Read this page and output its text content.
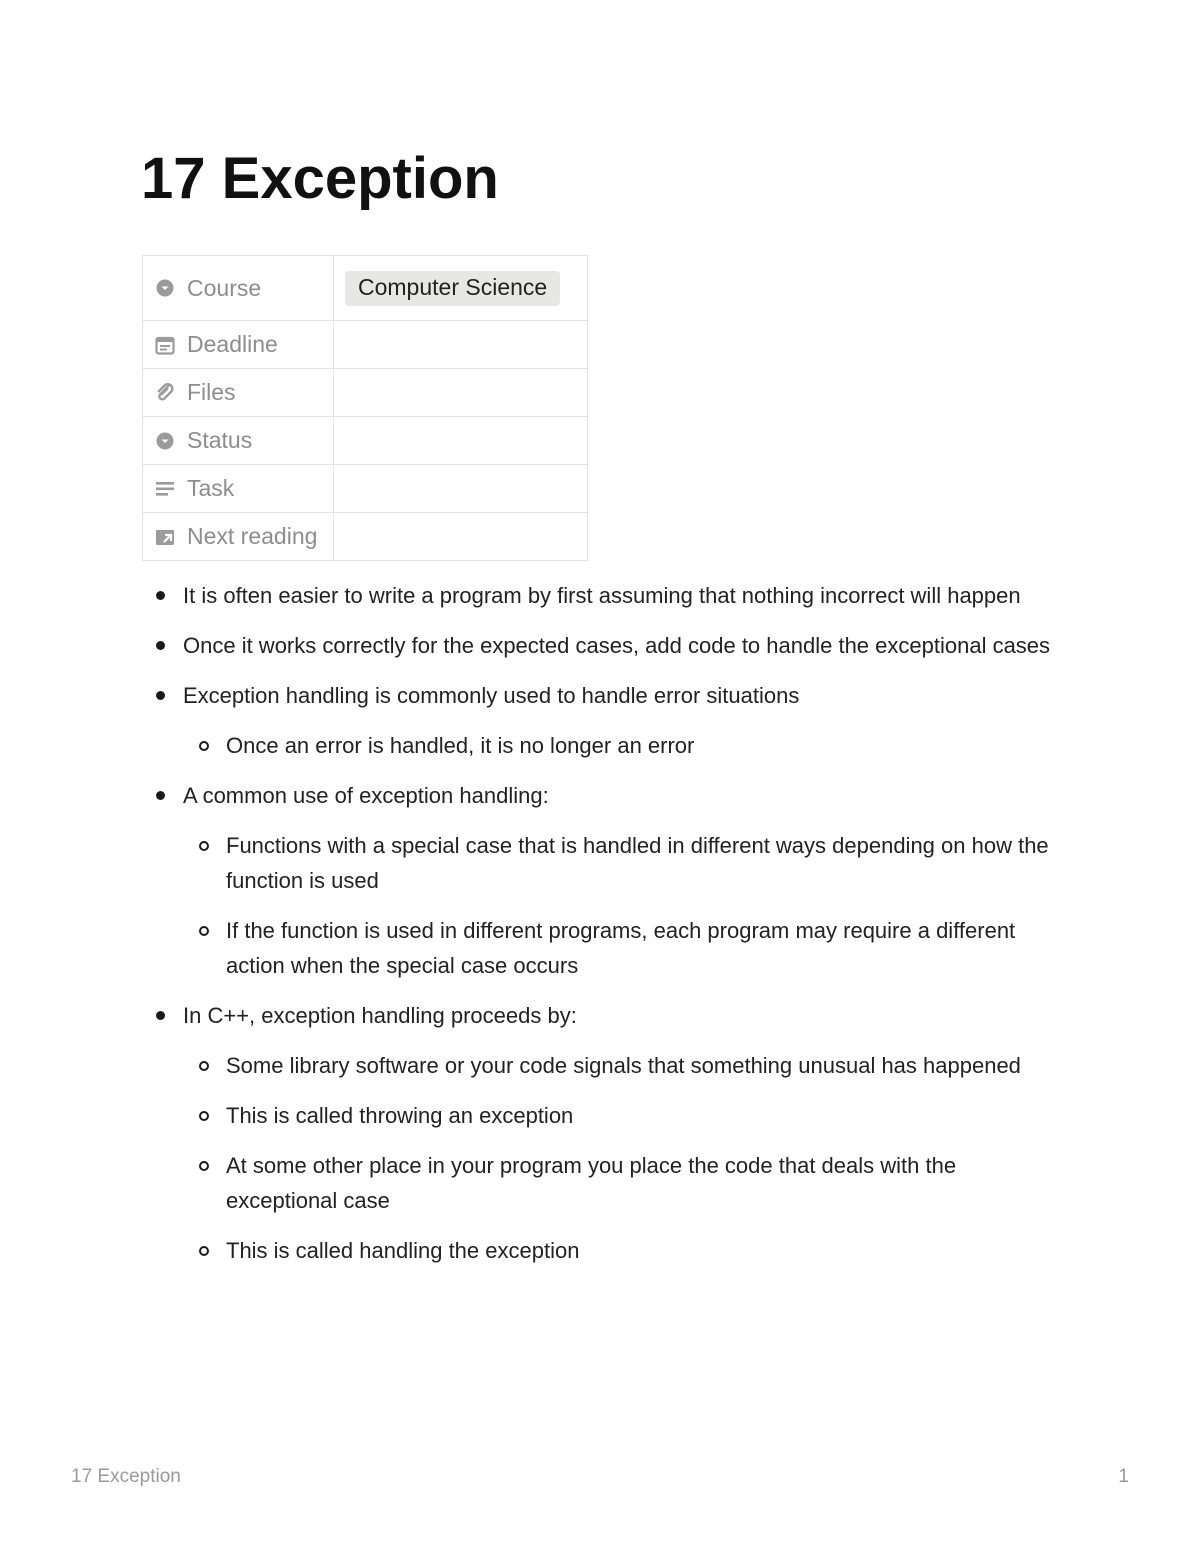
17 Exception
Course	Computer Science

Deadline	

Files	

Status	

Task	

Next reading	

It is often easier to write a program by first assuming that nothing incorrect will happen
Once it works correctly for the expected cases, add code to handle the exceptional cases
Exception handling is commonly used to handle error situations
Once an error is handled, it is no longer an error
A common use of exception handling:
Functions with a special case that is handled in different ways depending on how the function is used
If the function is used in different programs, each program may require a different action when the special case occurs
In C++, exception handling proceeds by:
Some library software or your code signals that something unusual has happened
This is called throwing an exception
At some other place in your program you place the code that deals with the exceptional case
This is called handling the exception
17 Exception	1
